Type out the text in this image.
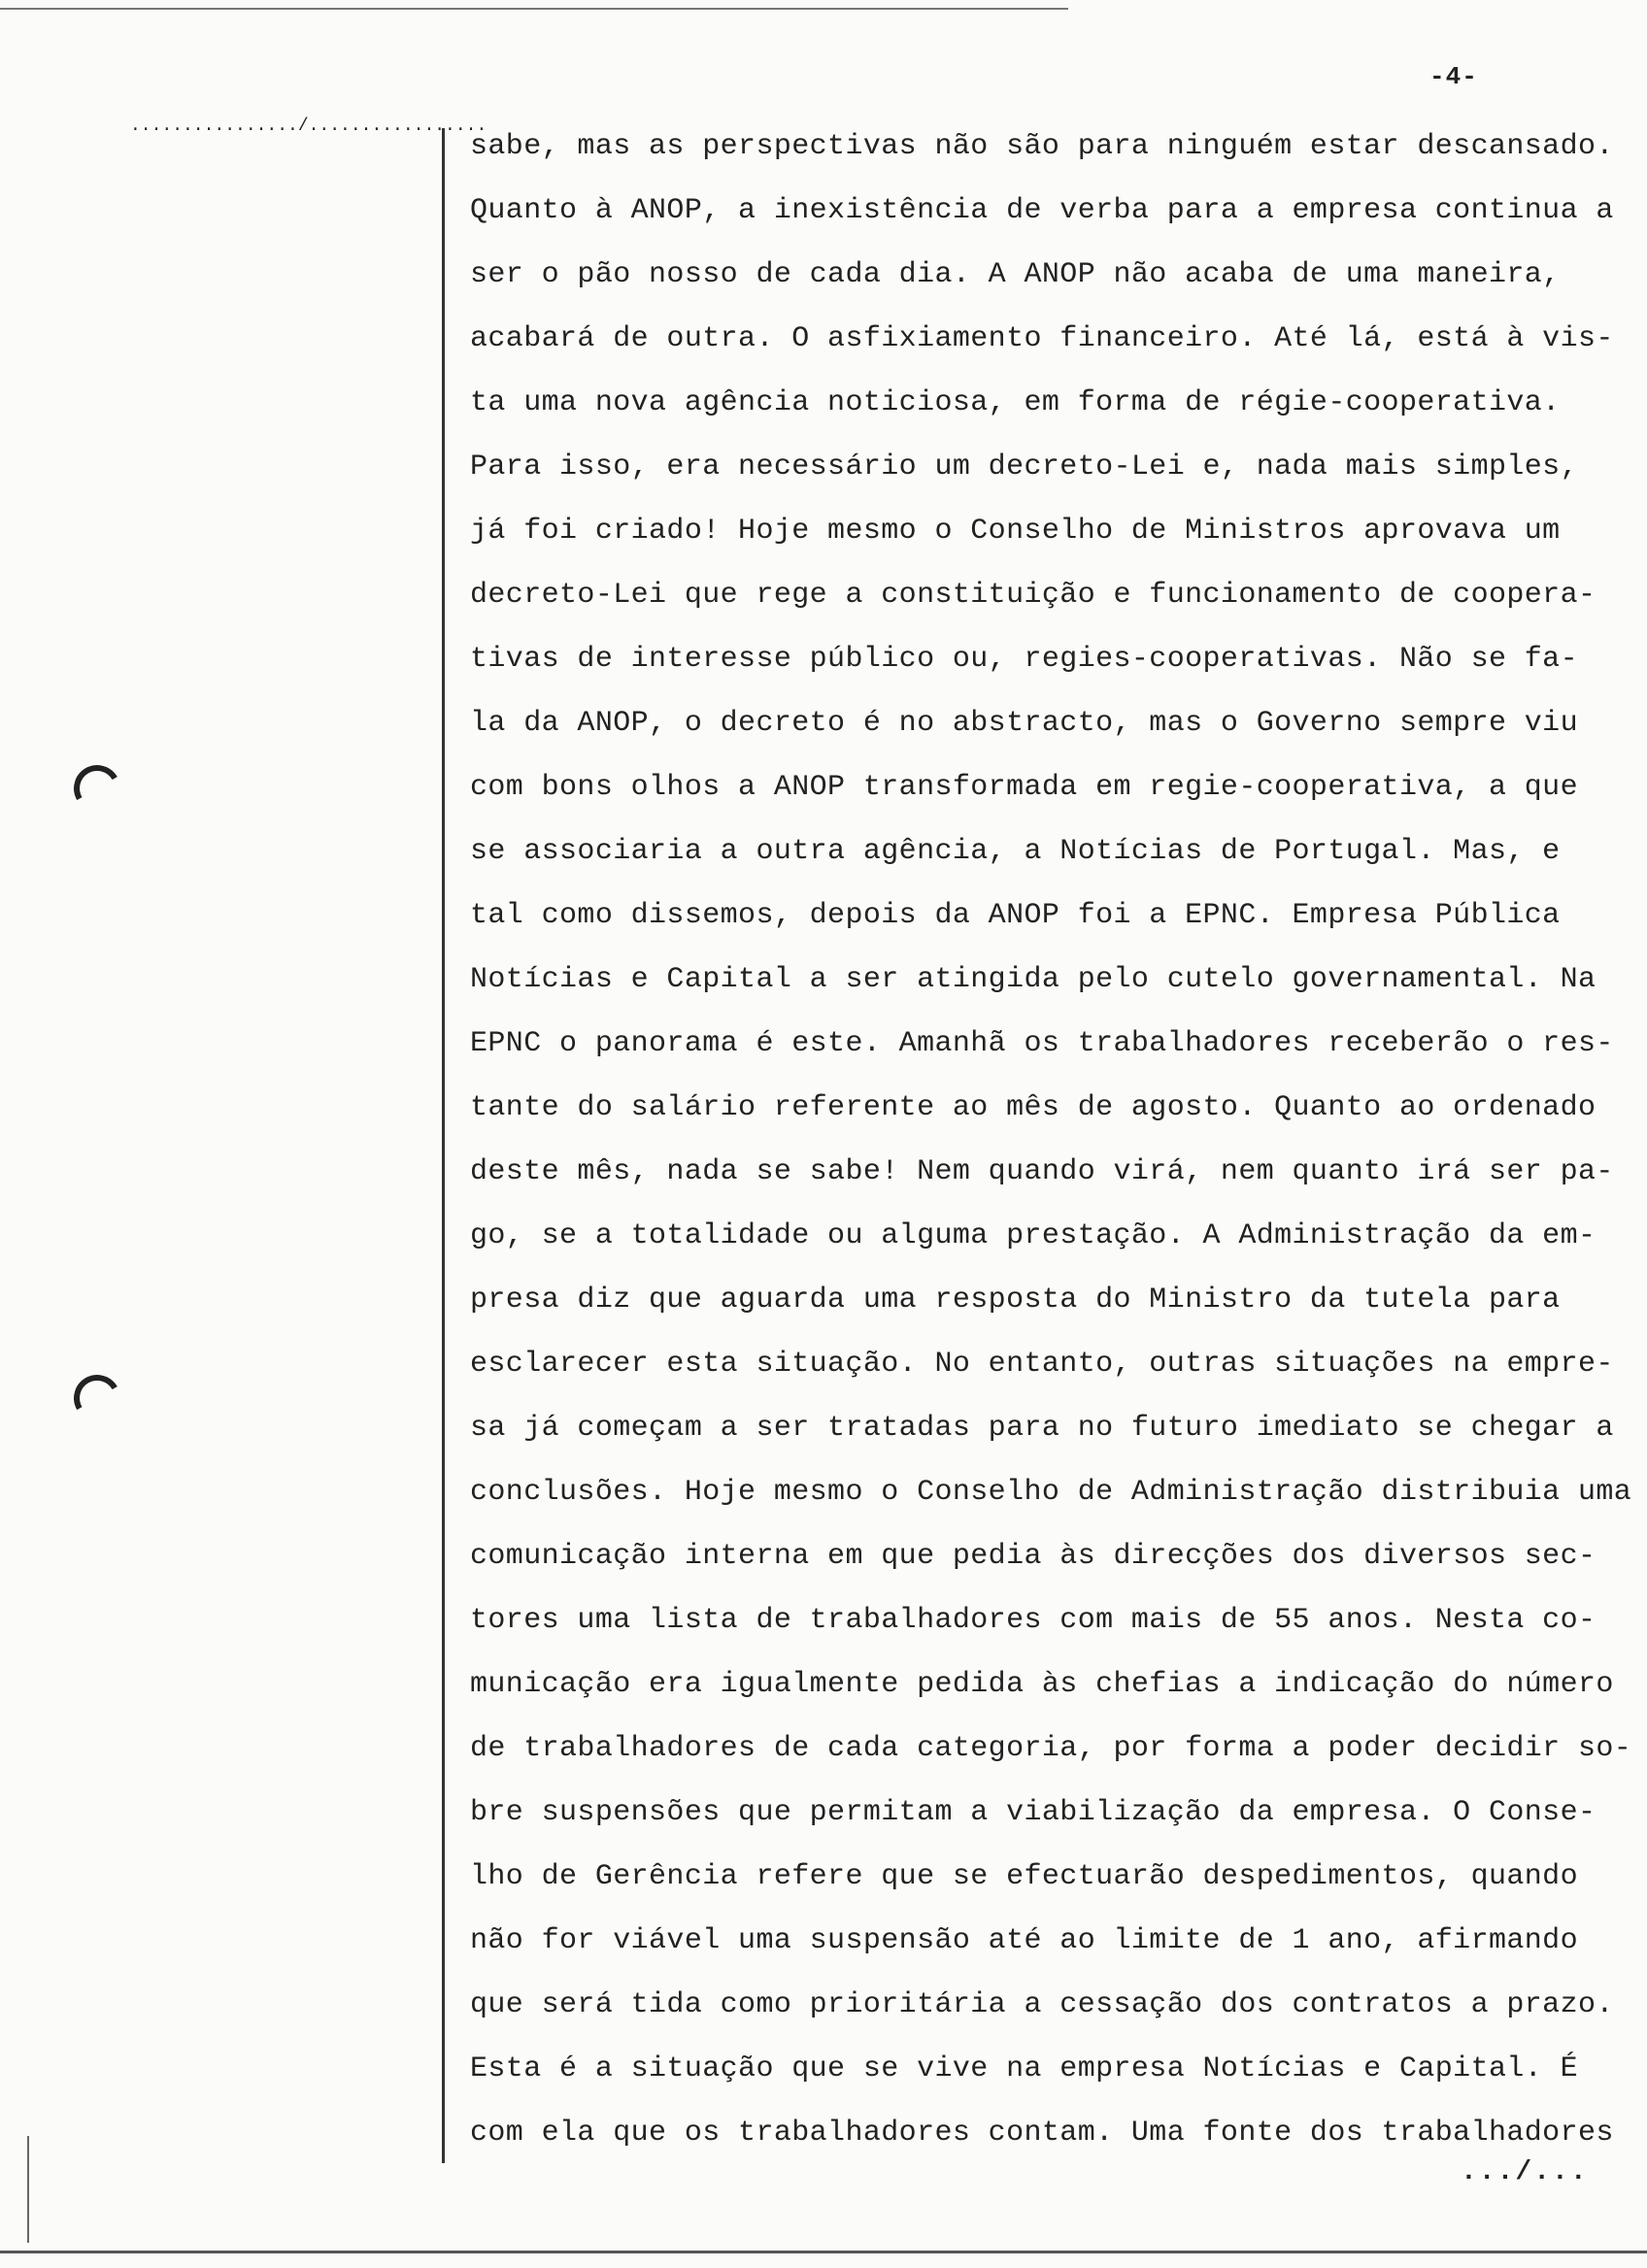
-4-
................/.................
sabe, mas as perspectivas não são para ninguém estar descansado.
Quanto à ANOP, a inexistência de verba para a empresa continua a
ser o pão nosso de cada dia. A ANOP não acaba de uma maneira,
acabará de outra. O asfixiamento financeiro. Até lá, está à vis-
ta uma nova agência noticiosa, em forma de régie-cooperativa.
Para isso, era necessário um decreto-Lei e, nada mais simples,
já foi criado! Hoje mesmo o Conselho de Ministros aprovava um
decreto-Lei que rege a constituição e funcionamento de coopera-
tivas de interesse público ou, regies-cooperativas. Não se fa-
la da ANOP, o decreto é no abstracto, mas o Governo sempre viu
com bons olhos a ANOP transformada em regie-cooperativa, a que
se associaria a outra agência, a Notícias de Portugal. Mas, e
tal como dissemos, depois da ANOP foi a EPNC. Empresa Pública
Notícias e Capital a ser atingida pelo cutelo governamental. Na
EPNC o panorama é este. Amanhã os trabalhadores receberão o res-
tante do salário referente ao mês de agosto. Quanto ao ordenado
deste mês, nada se sabe! Nem quando virá, nem quanto irá ser pa-
go, se a totalidade ou alguma prestação. A Administração da em-
presa diz que aguarda uma resposta do Ministro da tutela para
esclarecer esta situação. No entanto, outras situações na empre-
sa já começam a ser tratadas para no futuro imediato se chegar a
conclusões. Hoje mesmo o Conselho de Administração distribuia uma
comunicação interna em que pedia às direcções dos diversos sec-
tores uma lista de trabalhadores com mais de 55 anos. Nesta co-
municação era igualmente pedida às chefias a indicação do número
de trabalhadores de cada categoria, por forma a poder decidir so-
bre suspensões que permitam a viabilização da empresa. O Conse-
lho de Gerência refere que se efectuarão despedimentos, quando
não for viável uma suspensão até ao limite de 1 ano, afirmando
que será tida como prioritária a cessação dos contratos a prazo.
Esta é a situação que se vive na empresa Notícias e Capital. É
com ela que os trabalhadores contam. Uma fonte dos trabalhadores
.../...
